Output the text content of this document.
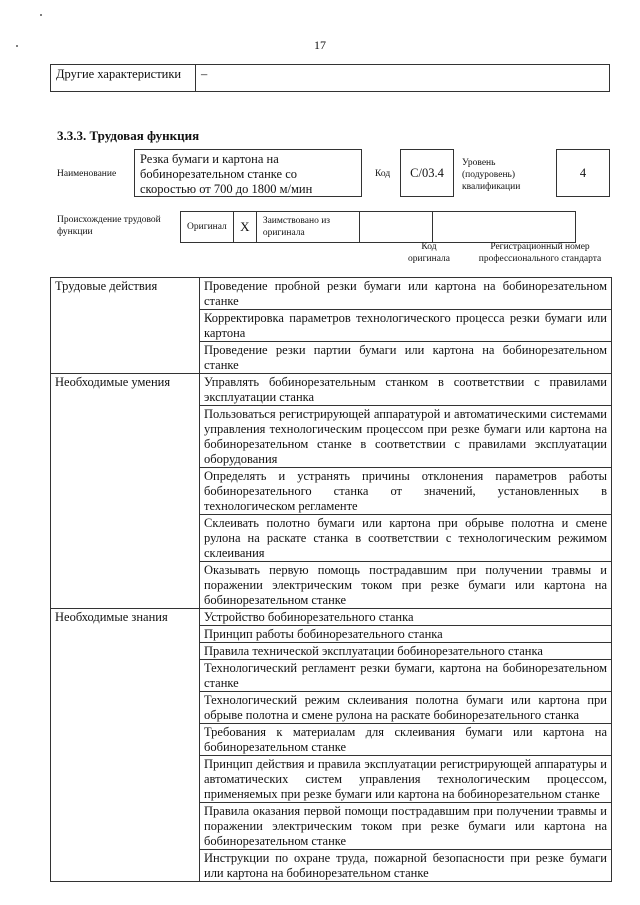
17
Другие характеристики	–
3.3.3. Трудовая функция
Наименование
Резка бумаги и картона на бобинорезательном станке со скоростью от 700 до 1800 м/мин
Код	С/03.4
Уровень (подуровень) квалификации
4
Происхождение трудовой функции	Оригинал	X	Заимствовано из оригинала		
Код оригинала
Регистрационный номер профессионального стандарта
Трудовые действия	Проведение пробной резки бумаги или картона на бобинорезательном станке
	Корректировка параметров технологического процесса резки бумаги или картона
	Проведение резки партии бумаги или картона на бобинорезательном станке
Необходимые умения	Управлять бобинорезательным станком в соответствии с правилами эксплуатации станка
	Пользоваться регистрирующей аппаратурой и автоматическими системами управления технологическим процессом при резке бумаги или картона на бобинорезательном станке в соответствии с правилами эксплуатации оборудования
	Определять и устранять причины отклонения параметров работы бобинорезательного станка от значений, установленных в технологическом регламенте
	Склеивать полотно бумаги или картона при обрыве полотна и смене рулона на раскате станка в соответствии с технологическим режимом склеивания
	Оказывать первую помощь пострадавшим при получении травмы и поражении электрическим током при резке бумаги или картона на бобинорезательном станке
Необходимые знания	Устройство бобинорезательного станка
	Принцип работы бобинорезательного станка
	Правила технической эксплуатации бобинорезательного станка
	Технологический регламент резки бумаги, картона на бобинорезательном станке
	Технологический режим склеивания полотна бумаги или картона при обрыве полотна и смене рулона на раскате бобинорезательного станка
	Требования к материалам для склеивания бумаги или картона на бобинорезательном станке
	Принцип действия и правила эксплуатации регистрирующей аппаратуры и автоматических систем управления технологическим процессом, применяемых при резке бумаги или картона на бобинорезательном станке
	Правила оказания первой помощи пострадавшим при получении травмы и поражении электрическим током при резке бумаги или картона на бобинорезательном станке
	Инструкции по охране труда, пожарной безопасности при резке бумаги или картона на бобинорезательном станке
